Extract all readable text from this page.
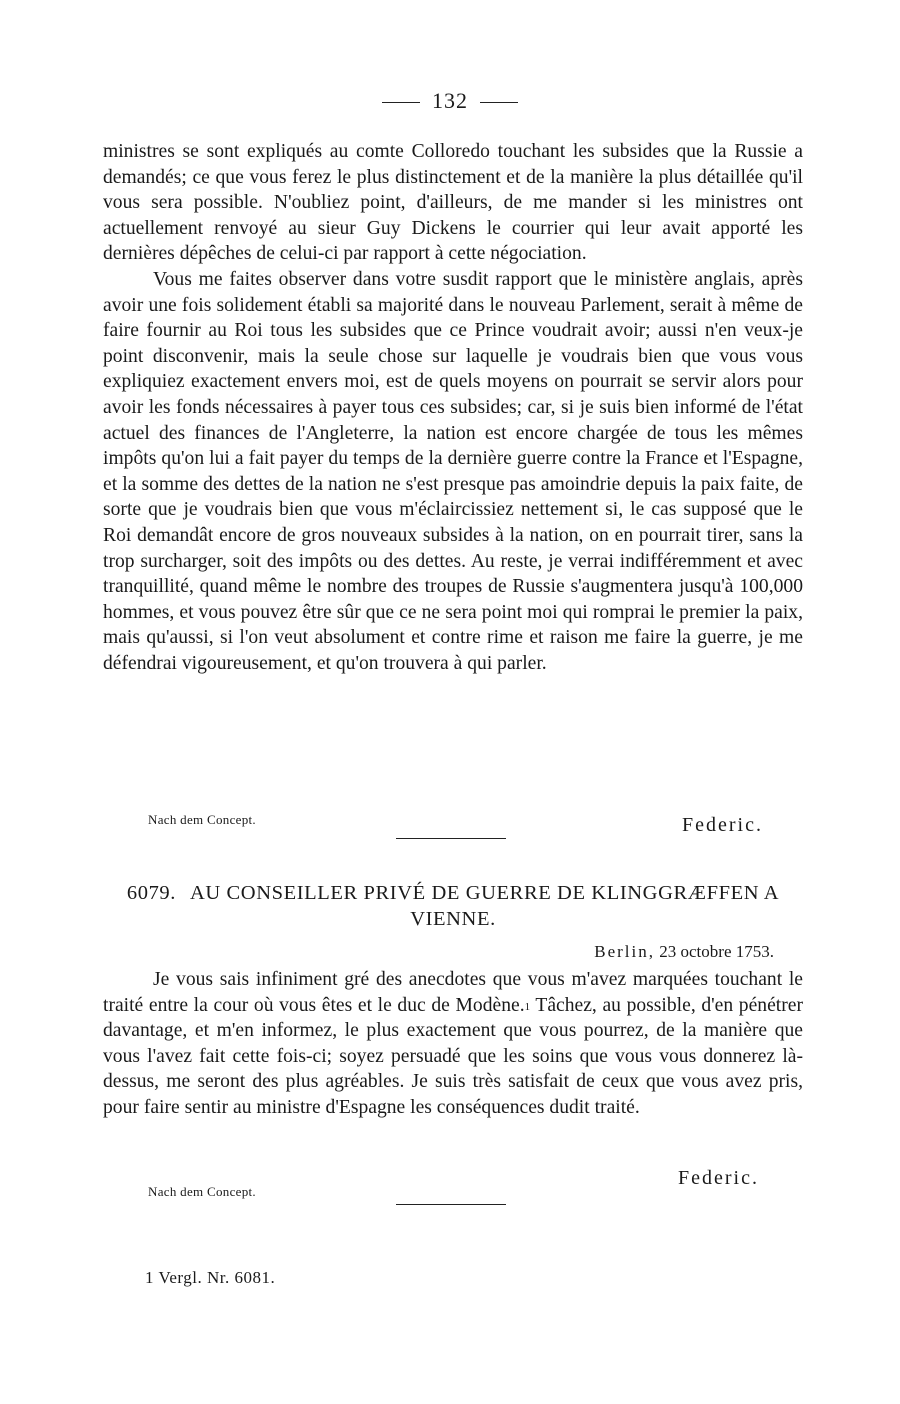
132

ministres se sont expliqués au comte Colloredo touchant les subsides que la Russie a demandés; ce que vous ferez le plus distinctement et de la manière la plus détaillée qu'il vous sera possible. N'oubliez point, d'ailleurs, de me mander si les ministres ont actuellement renvoyé au sieur Guy Dickens le courrier qui leur avait apporté les dernières dépêches de celui-ci par rapport à cette négociation.

Vous me faites observer dans votre susdit rapport que le ministère anglais, après avoir une fois solidement établi sa majorité dans le nouveau Parlement, serait à même de faire fournir au Roi tous les subsides que ce Prince voudrait avoir; aussi n'en veux-je point disconvenir, mais la seule chose sur laquelle je voudrais bien que vous vous expliquiez exactement envers moi, est de quels moyens on pourrait se servir alors pour avoir les fonds nécessaires à payer tous ces subsides; car, si je suis bien informé de l'état actuel des finances de l'Angleterre, la nation est encore chargée de tous les mêmes impôts qu'on lui a fait payer du temps de la dernière guerre contre la France et l'Espagne, et la somme des dettes de la nation ne s'est presque pas amoindrie depuis la paix faite, de sorte que je voudrais bien que vous m'éclaircissiez nettement si, le cas supposé que le Roi demandât encore de gros nouveaux subsides à la nation, on en pourrait tirer, sans la trop surcharger, soit des impôts ou des dettes. Au reste, je verrai indifféremment et avec tranquillité, quand même le nombre des troupes de Russie s'augmentera jusqu'à 100,000 hommes, et vous pouvez être sûr que ce ne sera point moi qui romprai le premier la paix, mais qu'aussi, si l'on veut absolument et contre rime et raison me faire la guerre, je me défendrai vigoureusement, et qu'on trouvera à qui parler.

Nach dem Concept.	Federic.
6079. AU CONSEILLER PRIVÉ DE GUERRE DE KLINGGRÆFFEN A VIENNE.
Berlin, 23 octobre 1753.

Je vous sais infiniment gré des anecdotes que vous m'avez marquées touchant le traité entre la cour où vous êtes et le duc de Modène.$^1$ Tâchez, au possible, d'en pénétrer davantage, et m'en informez, le plus exactement que vous pourrez, de la manière que vous l'avez fait cette fois-ci; soyez persuadé que les soins que vous vous donnerez là-dessus, me seront des plus agréables. Je suis très satisfait de ceux que vous avez pris, pour faire sentir au ministre d'Espagne les conséquences dudit traité.

Nach dem Concept.
Federic.
1 Vergl. Nr. 6081.
